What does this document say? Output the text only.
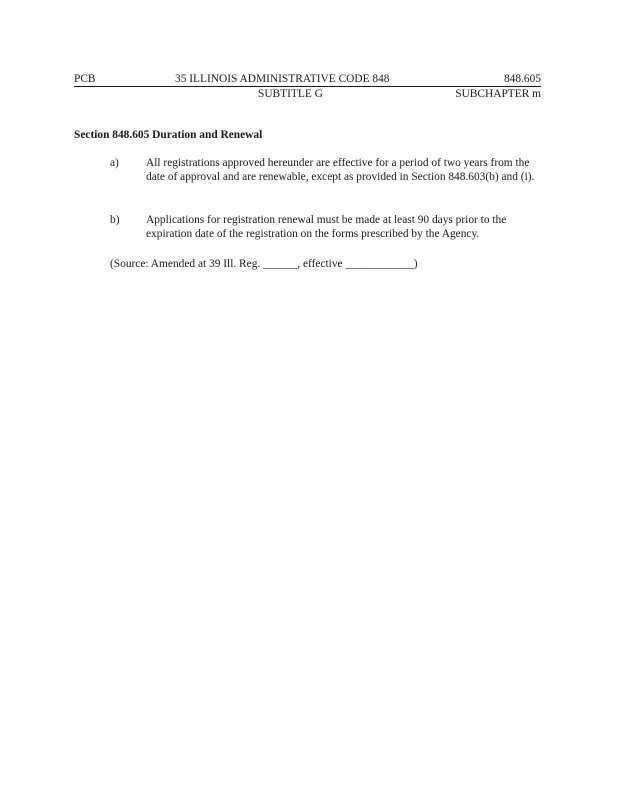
PCB	35 ILLINOIS ADMINISTRATIVE CODE 848	848.605
SUBTITLE G	SUBCHAPTER m
Section 848.605 Duration and Renewal
a) All registrations approved hereunder are effective for a period of two years from the date of approval and are renewable, except as provided in Section 848.603(b) and (i).
b) Applications for registration renewal must be made at least 90 days prior to the expiration date of the registration on the forms prescribed by the Agency.
(Source: Amended at 39 Ill. Reg. ______, effective ____________)
